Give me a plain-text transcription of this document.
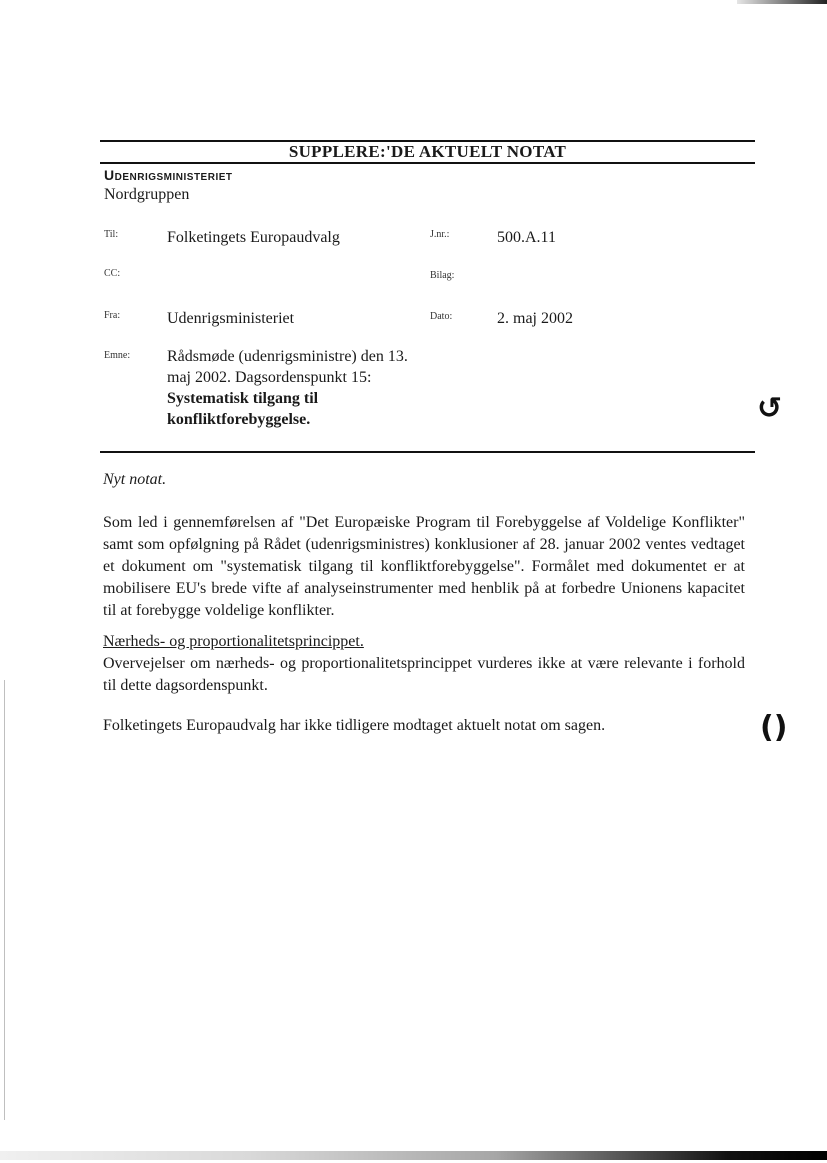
SUPPLERE:'DE AKTUELT NOTAT
Udenrigsministeriet
Nordgruppen
Til:	Folketingets Europaudvalg	J.nr.:	500.A.11
CC:	Bilag:
Fra:	Udenrigsministeriet	Dato:	2. maj 2002
Emne: Rådsmøde (udenrigsministre) den 13. maj 2002. Dagsordenspunkt 15: Systematisk tilgang til konfliktforebyggelse.
Nyt notat.
Som led i gennemførelsen af "Det Europæiske Program til Forebyggelse af Voldelige Konflikter" samt som opfølgning på Rådet (udenrigsministres) konklusioner af 28. januar 2002 ventes vedtaget et dokument om "systematisk tilgang til konfliktforebyggelse". Formålet med dokumentet er at mobilisere EU's brede vifte af analyseinstrumenter med henblik på at forbedre Unionens kapacitet til at forebygge voldelige konflikter.
Nærheds- og proportionalitetsprincippet.
Overvejelser om nærheds- og proportionalitetsprincippet vurderes ikke at være relevante i forhold til dette dagsordenspunkt.
Folketingets Europaudvalg har ikke tidligere modtaget aktuelt notat om sagen.
↺
()
